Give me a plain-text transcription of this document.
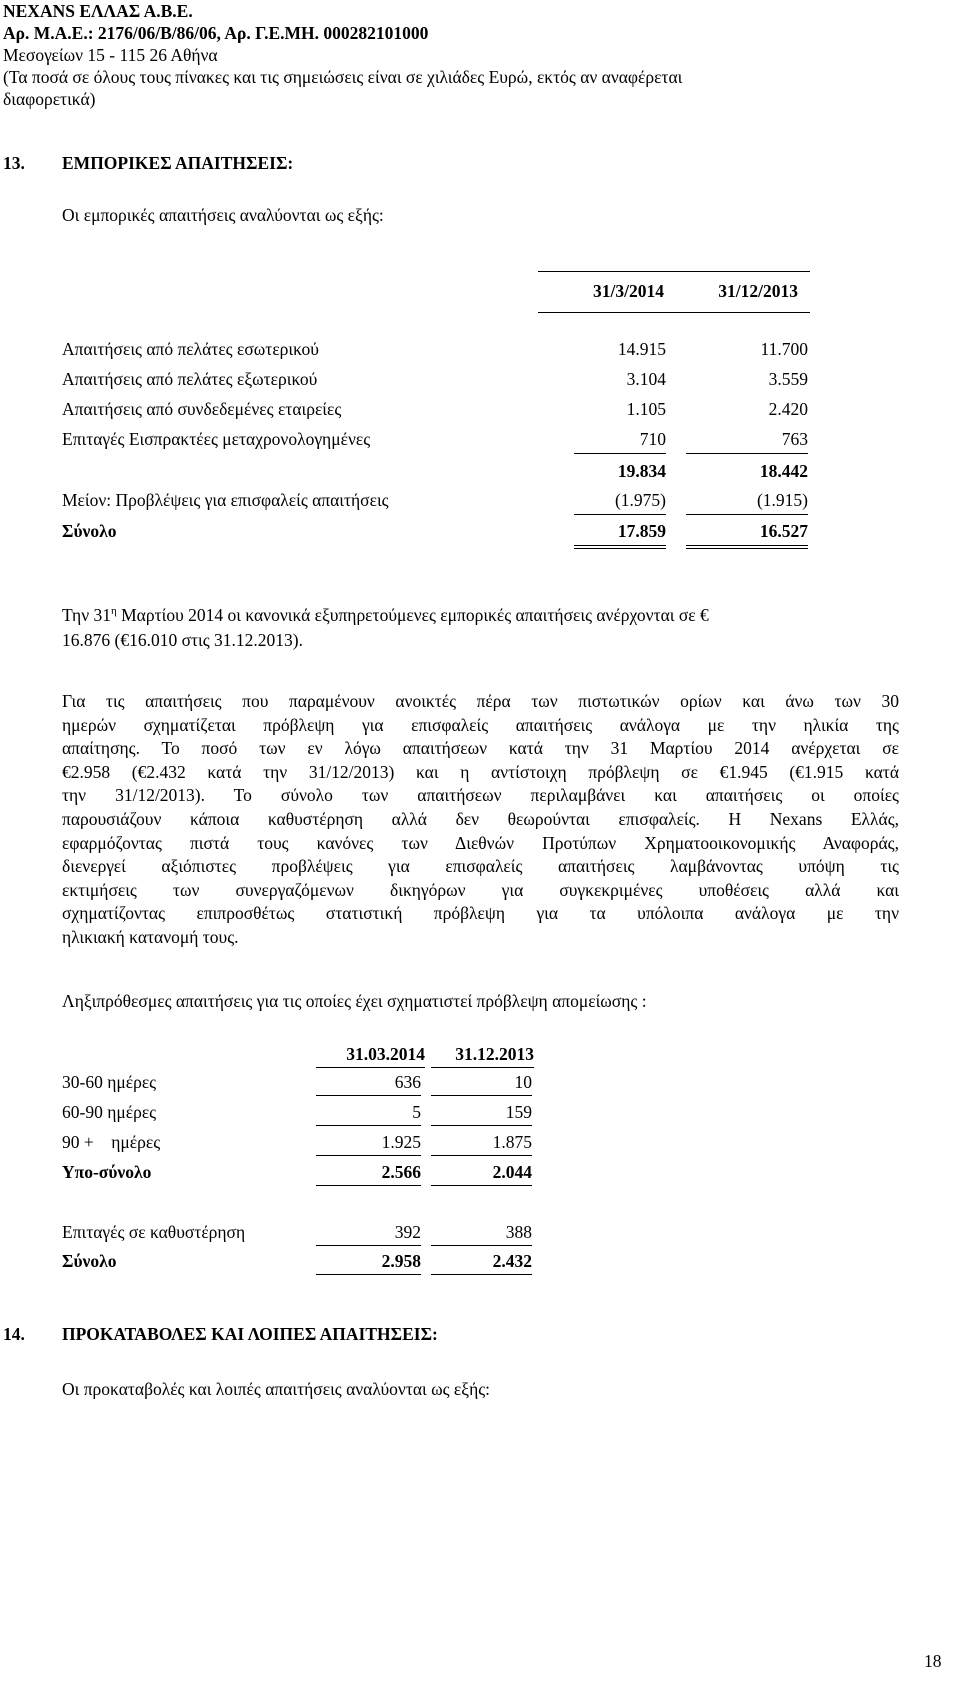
NEXANS ΕΛΛΑΣ Α.Β.Ε.
Αρ. Μ.Α.Ε.: 2176/06/Β/86/06, Αρ. Γ.Ε.ΜΗ. 000282101000
Μεσογείων 15 - 115 26 Αθήνα
(Τα ποσά σε όλους τους πίνακες και τις σημειώσεις είναι σε χιλιάδες Ευρώ, εκτός αν αναφέρεται
διαφορετικά)
13. ΕΜΠΟΡΙΚΕΣ ΑΠΑΙΤΗΣΕΙΣ:
Οι εμπορικές απαιτήσεις αναλύονται ως εξής:
31/3/2014	31/12/2013
Απαιτήσεις από πελάτες εσωτερικού	14.915	11.700
Απαιτήσεις από πελάτες εξωτερικού	3.104	3.559
Απαιτήσεις από συνδεδεμένες εταιρείες	1.105	2.420
Επιταγές Εισπρακτέες μεταχρονολογημένες	710	763
19.834	18.442
Μείον: Προβλέψεις για επισφαλείς απαιτήσεις	(1.975)	(1.915)
Σύνολο	17.859	16.527
Την $31^\eta$ Μαρτίου 2014 οι κανονικά εξυπηρετούμενες εμπορικές απαιτήσεις ανέρχονται σε €
16.876 (€16.010 στις 31.12.2013).
Για τις απαιτήσεις που παραμένουν ανοικτές πέρα των πιστωτικών ορίων και άνω των 30
ημερών σχηματίζεται πρόβλεψη για επισφαλείς απαιτήσεις ανάλογα με την ηλικία της
απαίτησης. Το ποσό των εν λόγω απαιτήσεων κατά την 31 Μαρτίου 2014 ανέρχεται σε
€2.958 (€2.432 κατά την 31/12/2013) και η αντίστοιχη πρόβλεψη σε €1.945 (€1.915 κατά
την 31/12/2013). Το σύνολο των απαιτήσεων περιλαμβάνει και απαιτήσεις οι οποίες
παρουσιάζουν κάποια καθυστέρηση αλλά δεν θεωρούνται επισφαλείς. Η Nexans Ελλάς,
εφαρμόζοντας πιστά τους κανόνες των Διεθνών Προτύπων Χρηματοοικονομικής Αναφοράς,
διενεργεί αξιόπιστες προβλέψεις για επισφαλείς απαιτήσεις λαμβάνοντας υπόψη τις
εκτιμήσεις των συνεργαζόμενων δικηγόρων για συγκεκριμένες υποθέσεις αλλά και
σχηματίζοντας επιπροσθέτως στατιστική πρόβλεψη για τα υπόλοιπα ανάλογα με την
ηλικιακή κατανομή τους.
Ληξιπρόθεσμες απαιτήσεις για τις οποίες έχει σχηματιστεί πρόβλεψη απομείωσης :
31.03.2014	31.12.2013
30-60 ημέρες	636	10
60-90 ημέρες	5	159
90 +    ημέρες	1.925	1.875
Υπο-σύνολο	2.566	2.044
Επιταγές σε καθυστέρηση	392	388
Σύνολο	2.958	2.432
14. ΠΡΟΚΑΤΑΒΟΛΕΣ ΚΑΙ ΛΟΙΠΕΣ ΑΠΑΙΤΗΣΕΙΣ:
Οι προκαταβολές και λοιπές απαιτήσεις αναλύονται ως εξής:
18
